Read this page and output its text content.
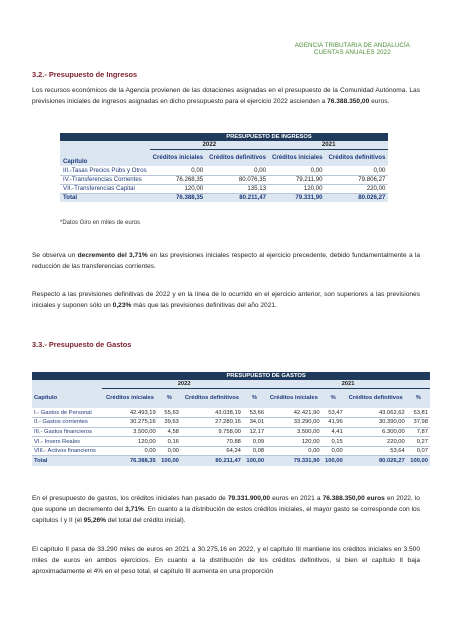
AGENCIA TRIBUTARIA DE ANDALUCÍA
CUENTAS ANUALES 2022
3.2.- Presupuesto de Ingresos
Los recursos económicos de la Agencia provienen de las dotaciones asignadas en el presupuesto de la Comunidad Autónoma. Las previsiones iniciales de ingresos asignadas en dicho presupuesto para el ejercicio 2022 ascienden a 76.388.350,00 euros.
	PRESUPUESTO DE INGRESOS			
	2022		2021	
Capítulo	Créditos iniciales	Créditos definitivos	Créditos iniciales	Créditos definitivos
III.-Tasas Precios Púbs y Otros	0,00	0,00	0,00	0,00
IV.-Transferencias Corrientes	76.268,35	80.076,35	79.211,90	79.806,27
VII.-Transferencias Capital	120,00	135,13	120,00	220,00
Total	76.388,35	80.211,47	79.331,90	80.026,27
*Datos Giro en miles de euros
Se observa un decremento del 3,71% en las previsiones iniciales respecto al ejercicio precedente, debido fundamentalmente a la reducción de las transferencias corrientes.
Respecto a las previsiones definitivas de 2022 y en la línea de lo ocurrido en el ejercicio anterior, son superiores a las previsiones iniciales y suponen sólo un 0,23% más que las previsiones definitivas del año 2021.
3.3.- Presupuesto de Gastos
	PRESUPUESTO DE GASTOS							
	2022				2021			
Capítulo	Créditos iniciales	%	Créditos definitivos	%	Créditos iniciales	%	Créditos definitivos	%
I.- Gastos de Personal	42.493,19	55,63	43.038,19	53,66	42.421,90	53,47	43.062,62	53,81
II.- Gastos corrientes	30.275,16	39,63	27.280,16	34,01	33.290,00	41,96	30.390,00	37,98
III.- Gastos financieros	3.500,00	4,58	9.758,00	12,17	3.500,00	4,41	6.300,00	7,87
VI.- Invers Reales	120,00	0,16	70,88	0,09	120,00	0,15	220,00	0,27
VIII.- Activos financieros	0,00	0,00	64,24	0,08	0,00	0,00	53,64	0,07
Total	76.388,35	100,00	80.211,47	100,00	79.331,90	100,00	80.026,27	100,00
En el presupuesto de gastos, los créditos iniciales han pasado de 79.331.900,00 euros en 2021 a 76.388.350,00 euros en 2022, lo que supone un decremento del 3,71%. En cuanto a la distribución de estos créditos iniciales, el mayor gasto se corresponde con los capítulos I y II (el 95,26% del total del crédito inicial).
El capítulo II pasa de 33.290 miles de euros en 2021 a 30.275,16 en 2022, y el capítulo III mantiene los créditos iniciales en 3.500 miles de euros en ambos ejercicios. En cuanto a la distribución de los créditos definitivos, si bien el capítulo II baja aproximadamente el 4% en el peso total, el capítulo III aumenta en una proporción
